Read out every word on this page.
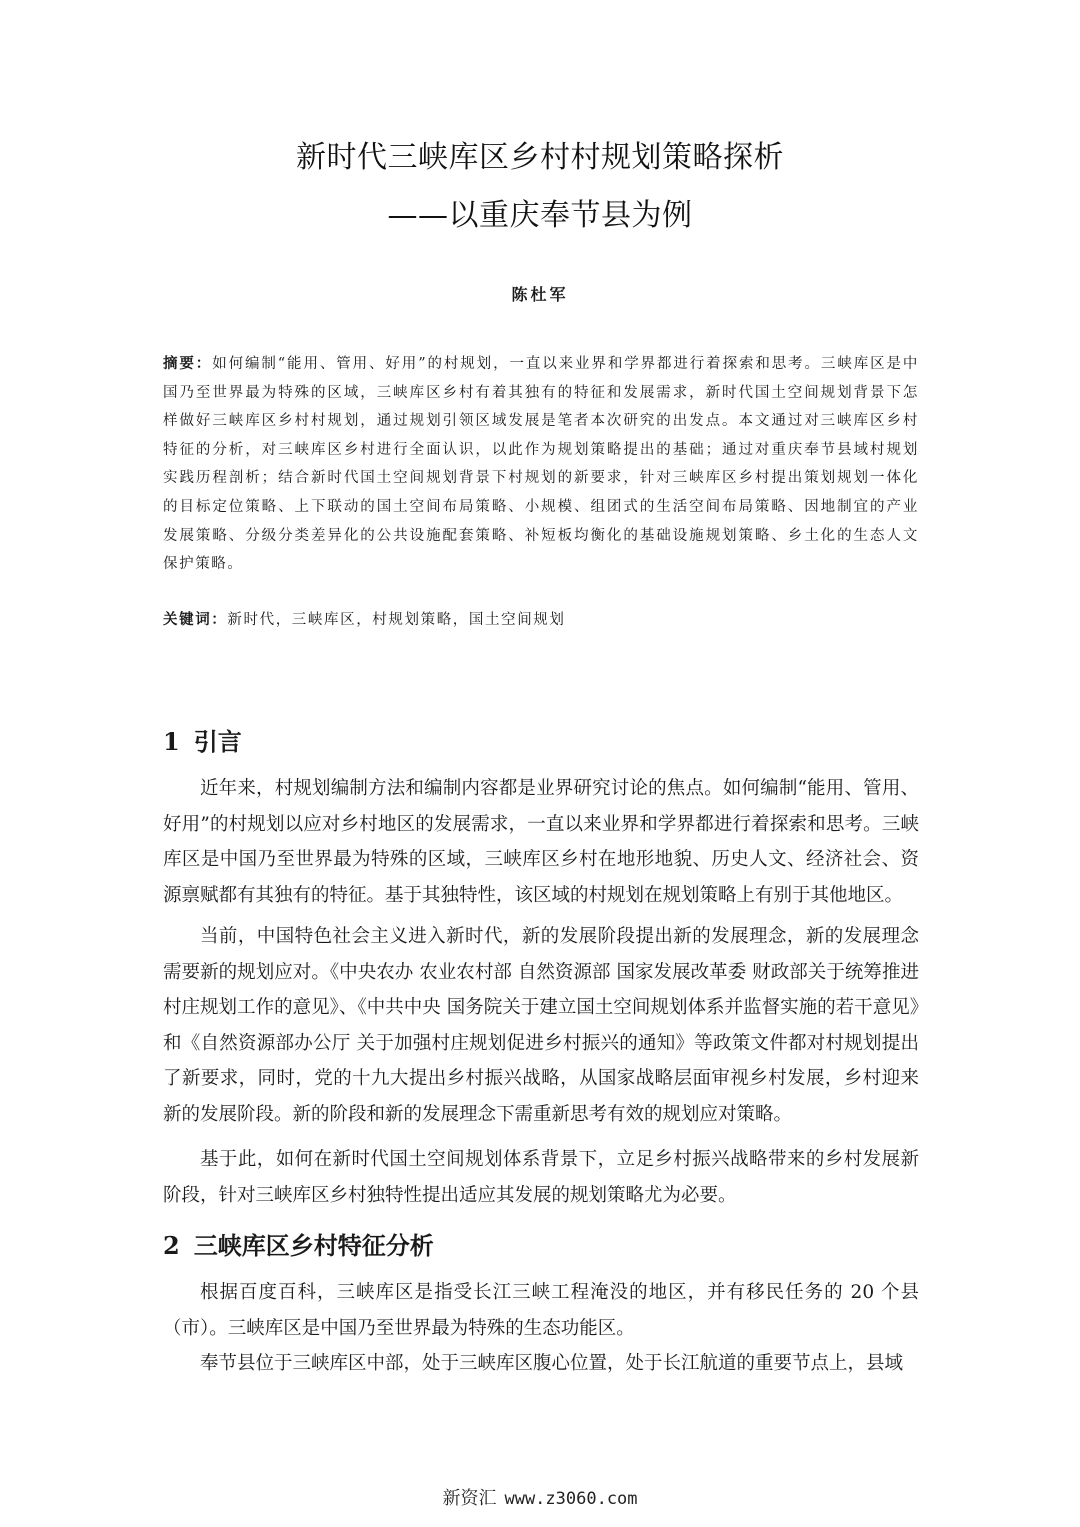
新时代三峡库区乡村村规划策略探析
——以重庆奉节县为例
陈杜军

摘要：如何编制“能用、管用、好用”的村规划，一直以来业界和学界都进行着探索和思考。三峡库区是中国乃至世界最为特殊的区域，三峡库区乡村有着其独有的特征和发展需求，新时代国土空间规划背景下怎样做好三峡库区乡村村规划，通过规划引领区域发展是笔者本次研究的出发点。本文通过对三峡库区乡村特征的分析，对三峡库区乡村进行全面认识，以此作为规划策略提出的基础；通过对重庆奉节县域村规划实践历程剖析；结合新时代国土空间规划背景下村规划的新要求，针对三峡库区乡村提出策划规划一体化的目标定位策略、上下联动的国土空间布局策略、小规模、组团式的生活空间布局策略、因地制宜的产业发展策略、分级分类差异化的公共设施配套策略、补短板均衡化的基础设施规划策略、乡土化的生态人文保护策略。

关键词：新时代，三峡库区，村规划策略，国土空间规划

1 引言

近年来，村规划编制方法和编制内容都是业界研究讨论的焦点。如何编制“能用、管用、好用”的村规划以应对乡村地区的发展需求，一直以来业界和学界都进行着探索和思考。三峡库区是中国乃至世界最为特殊的区域，三峡库区乡村在地形地貌、历史人文、经济社会、资源禀赋都有其独有的特征。基于其独特性，该区域的村规划在规划策略上有别于其他地区。

当前，中国特色社会主义进入新时代，新的发展阶段提出新的发展理念，新的发展理念需要新的规划应对。《中央农办 农业农村部 自然资源部 国家发展改革委 财政部关于统筹推进村庄规划工作的意见》、《中共中央 国务院关于建立国土空间规划体系并监督实施的若干意见》和《自然资源部办公厅 关于加强村庄规划促进乡村振兴的通知》等政策文件都对村规划提出了新要求，同时，党的十九大提出乡村振兴战略，从国家战略层面审视乡村发展，乡村迎来新的发展阶段。新的阶段和新的发展理念下需重新思考有效的规划应对策略。

基于此，如何在新时代国土空间规划体系背景下，立足乡村振兴战略带来的乡村发展新阶段，针对三峡库区乡村独特性提出适应其发展的规划策略尤为必要。

2 三峡库区乡村特征分析

根据百度百科，三峡库区是指受长江三峡工程淹没的地区，并有移民任务的 20 个县（市）。三峡库区是中国乃至世界最为特殊的生态功能区。

奉节县位于三峡库区中部，处于三峡库区腹心位置，处于长江航道的重要节点上，县域

新资汇 www.z3060.com
